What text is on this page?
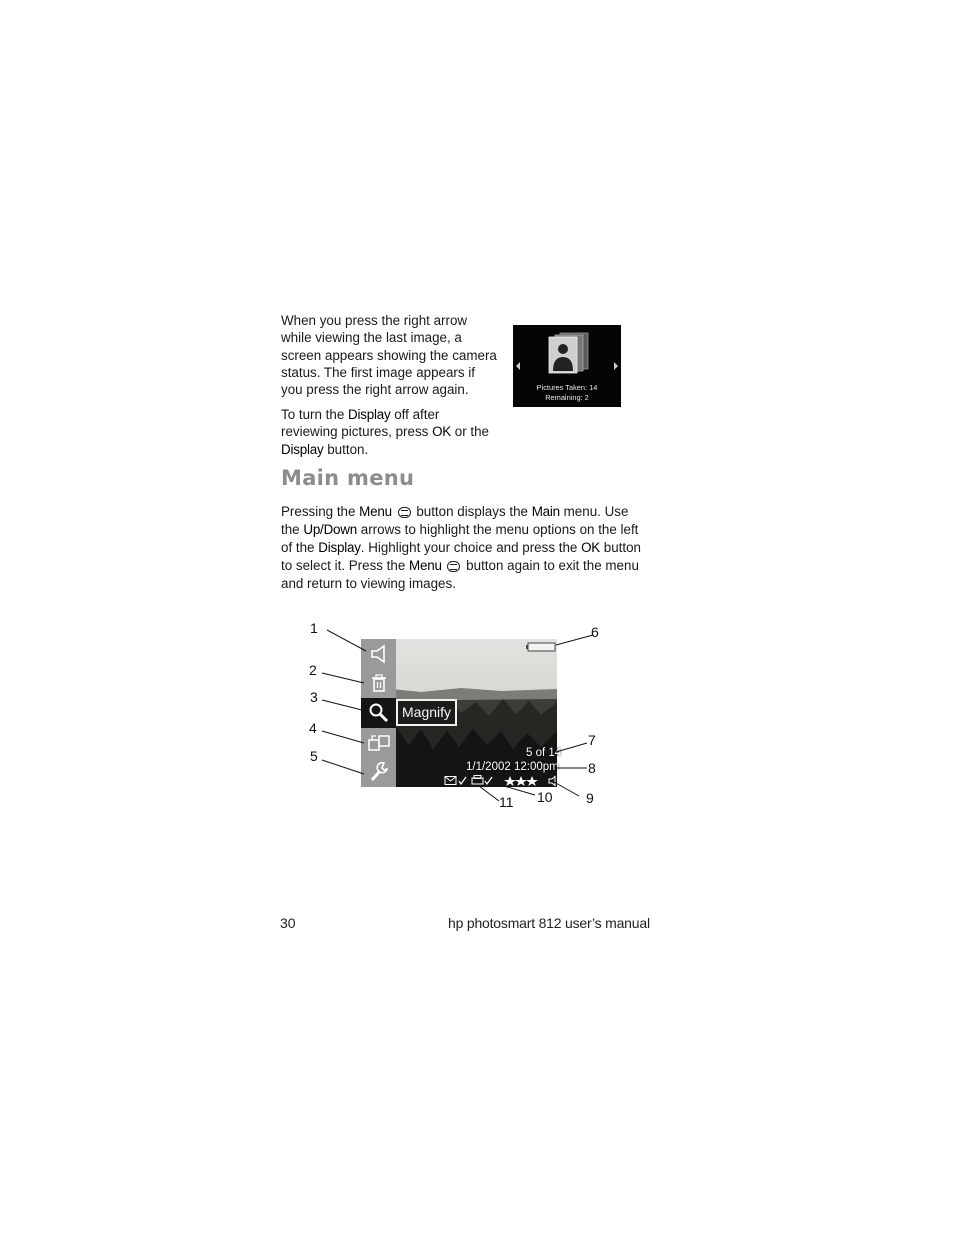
When you press the right arrow while viewing the last image, a screen appears showing the camera status. The first image appears if you press the right arrow again.
To turn the Display off after reviewing pictures, press OK or the Display button.
Pictures Taken: 14
Remaining: 2
Main menu
Pressing the Menu  button displays the Main menu. Use the Up/Down arrows to highlight the menu options on the left of the Display. Highlight your choice and press the OK button to select it. Press the Menu  button again to exit the menu and return to viewing images.
Magnify
5 of 14
1/1/2002 12:00pm
1
2
3
4
5
6
7
8
9
10
11
30	hp photosmart 812 user’s manual
